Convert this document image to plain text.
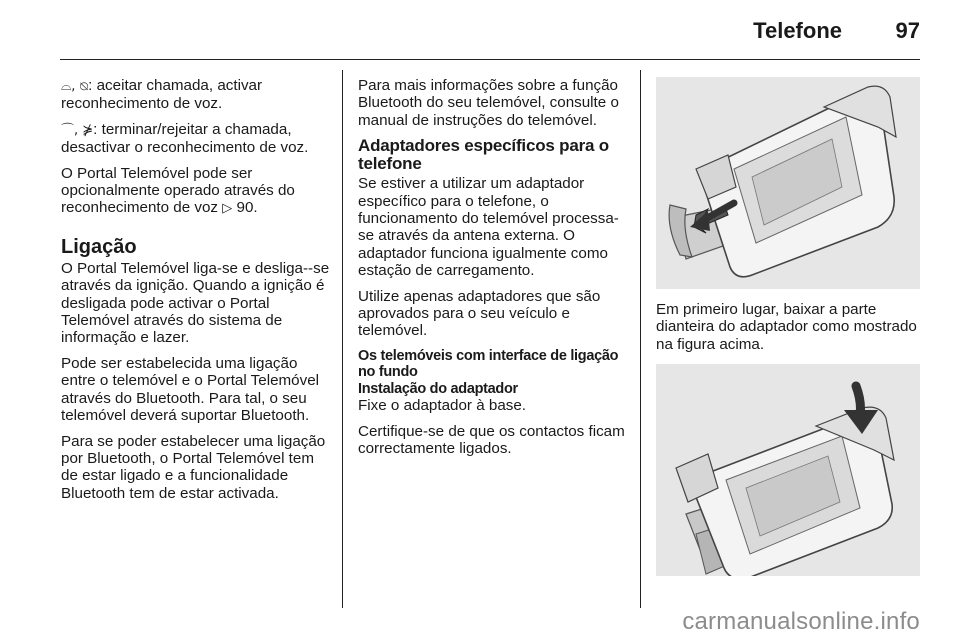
Telefone 97

⌓, ⦰: aceitar chamada, activar reconhecimento de voz.

⌒, ⋡: terminar/rejeitar a chamada, desactivar o reconhecimento de voz.

O Portal Telemóvel pode ser opcionalmente operado através do reconhecimento de voz ▷ 90.

Ligação

O Portal Telemóvel liga-se e desliga--se através da ignição. Quando a ignição é desligada pode activar o Portal Telemóvel através do sistema de informação e lazer.

Pode ser estabelecida uma ligação entre o telemóvel e o Portal Telemóvel através do Bluetooth. Para tal, o seu telemóvel deverá suportar Bluetooth.

Para se poder estabelecer uma ligação por Bluetooth, o Portal Telemóvel tem de estar ligado e a funcionalidade Bluetooth tem de estar activada.

Para mais informações sobre a função Bluetooth do seu telemóvel, consulte o manual de instruções do telemóvel.

Adaptadores específicos para o telefone

Se estiver a utilizar um adaptador específico para o telefone, o funcionamento do telemóvel processa-se através da antena externa. O adaptador funciona igualmente como estação de carregamento.

Utilize apenas adaptadores que são aprovados para o seu veículo e telemóvel.

Os telemóveis com interface de ligação no fundo
Instalação do adaptador

Fixe o adaptador à base.

Certifique-se de que os contactos ficam correctamente ligados.

Em primeiro lugar, baixar a parte dianteira do adaptador como mostrado na figura acima.

carmanualsonline.info
